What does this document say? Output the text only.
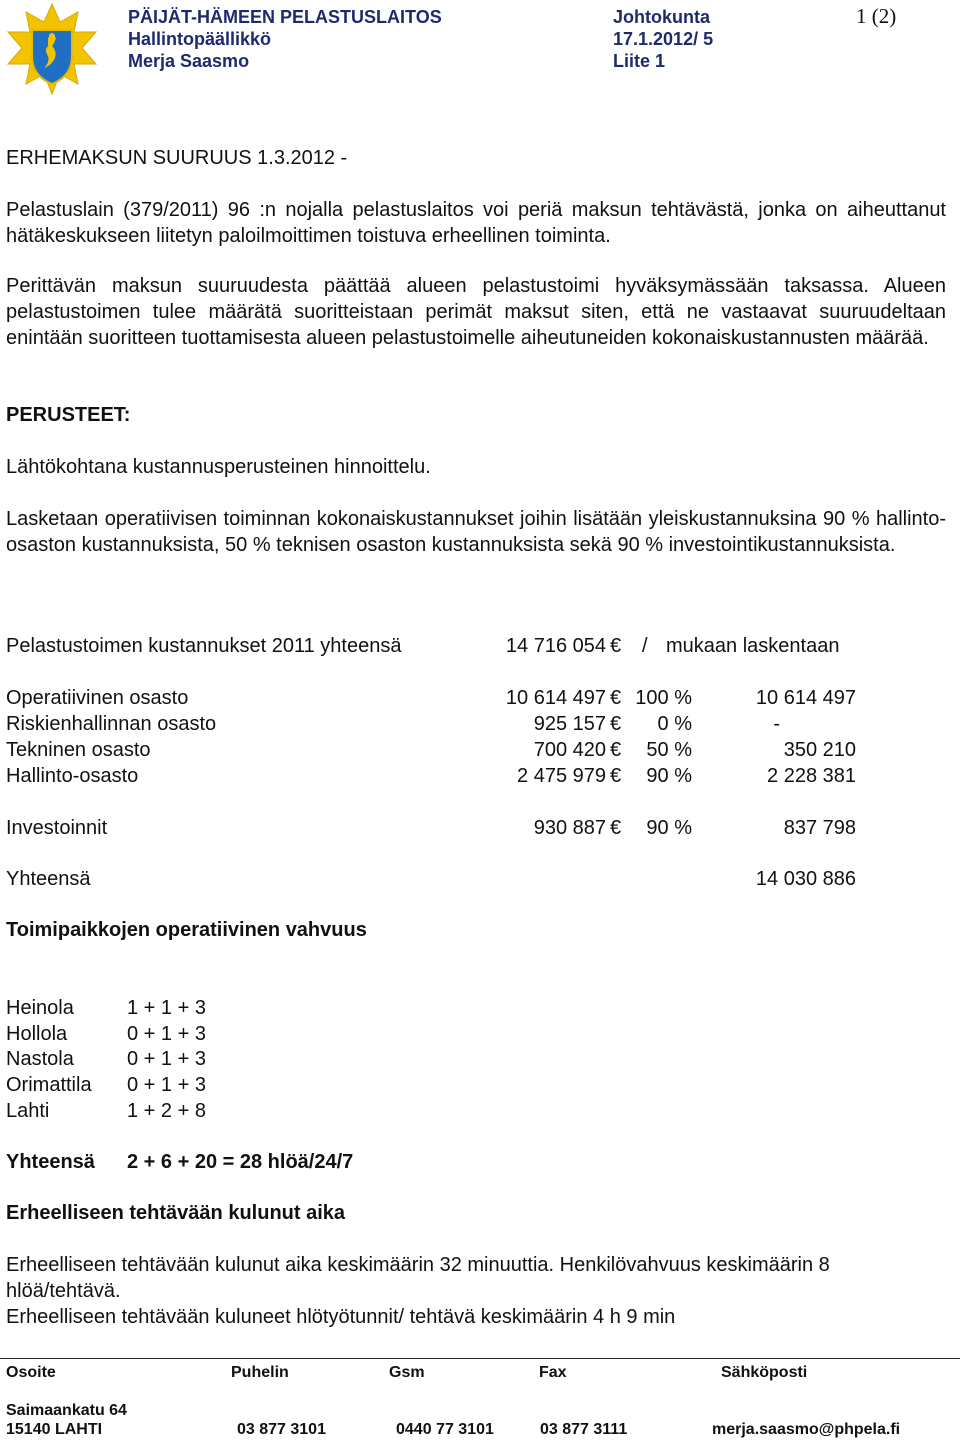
PÄIJÄT-HÄMEEN PELASTUSLAITOS
Hallintopäällikkö
Merja Saasmo
Johtokunta
17.1.2012/ 5
Liite 1
1 (2)
ERHEMAKSUN SUURUUS 1.3.2012 -
Pelastuslain (379/2011) 96 :n nojalla pelastuslaitos voi periä maksun tehtävästä, jonka on aiheuttanut hätäkeskukseen liitetyn paloilmoittimen toistuva erheellinen toiminta.
Perittävän maksun suuruudesta päättää alueen pelastustoimi hyväksymässään taksassa. Alueen pelastustoimen tulee määrätä suoritteistaan perimät maksut siten, että ne vastaavat suuruudeltaan enintään suoritteen tuottamisesta alueen pelastustoimelle aiheutuneiden kokonaiskustannusten määrää.
PERUSTEET:
Lähtökohtana kustannusperusteinen hinnoittelu.
Lasketaan operatiivisen toiminnan kokonaiskustannukset joihin lisätään yleiskustannuksina 90 % hallinto-osaston kustannuksista, 50 % teknisen osaston kustannuksista sekä 90 % investointikustannuksista.
Pelastustoimen kustannukset 2011 yhteensä	14 716 054 € / mukaan laskentaan
Operatiivinen osasto	10 614 497 € 100 %	10 614 497
Riskienhallinnan osasto	925 157 € 0 %	-
Tekninen osasto	700 420 € 50 %	350 210
Hallinto-osasto	2 475 979 € 90 %	2 228 381
Investoinnit	930 887 € 90 %	837 798
Yhteensä	14 030 886
Toimipaikkojen operatiivinen vahvuus
Heinola	1 + 1 + 3
Hollola	0 + 1 + 3
Nastola	0 + 1 + 3
Orimattila 0 + 1 + 3
Lahti	1 + 2 + 8
Yhteensä 2 + 6 + 20 = 28 hlöä/24/7
Erheelliseen tehtävään kulunut aika
Erheelliseen tehtävään kulunut aika keskimäärin 32 minuuttia. Henkilövahvuus keskimäärin 8 hlöä/tehtävä.
Erheelliseen tehtävään kuluneet hlötyötunnit/ tehtävä keskimäärin 4 h 9 min
Osoite	Puhelin	Gsm	Fax	Sähköposti
Saimaankatu 64
15140 LAHTI	03 877 3101	0440 77 3101	03 877 3111	merja.saasmo@phpela.fi
